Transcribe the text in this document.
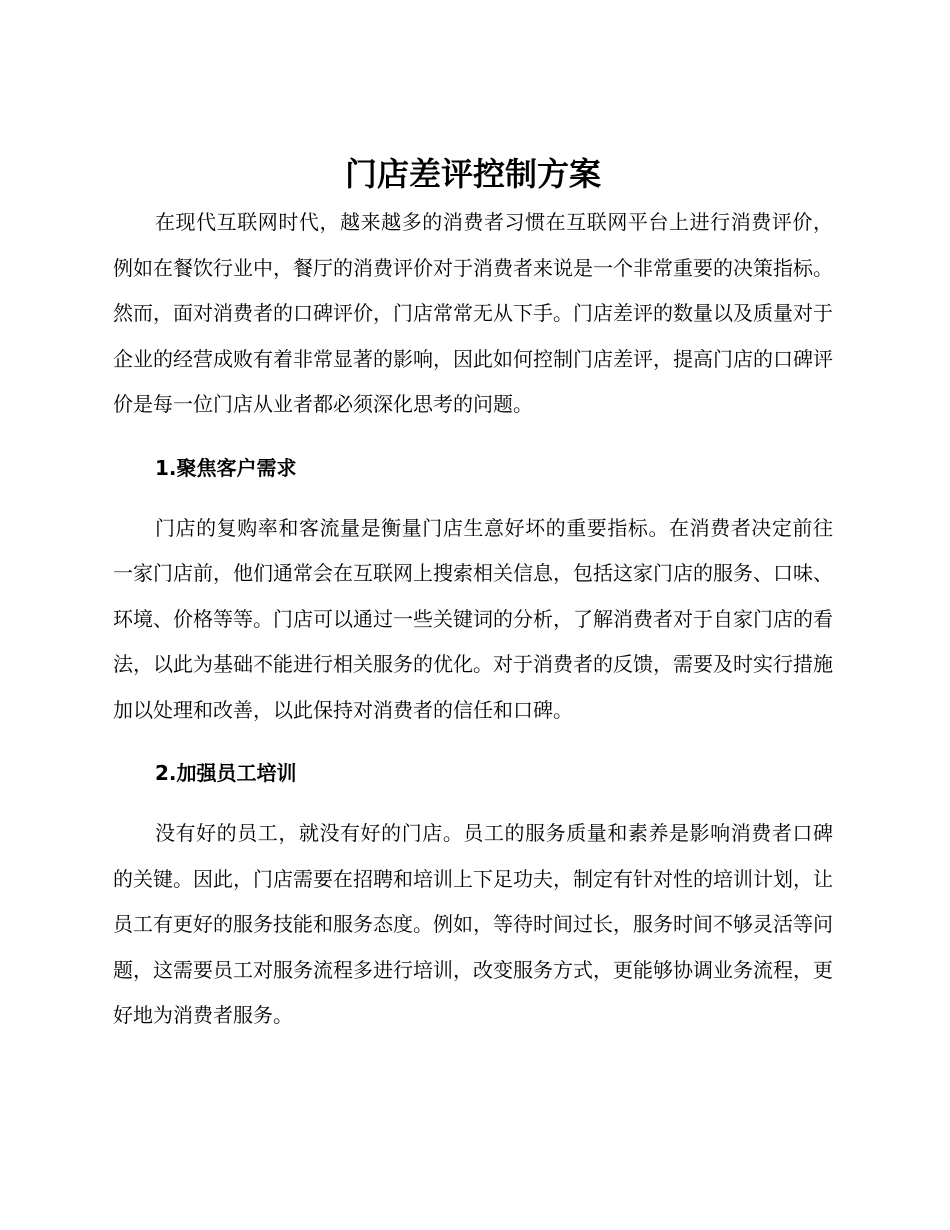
门店差评控制方案

在现代互联网时代，越来越多的消费者习惯在互联网平台上进行消费评价，例如在餐饮行业中，餐厅的消费评价对于消费者来说是一个非常重要的决策指标。然而，面对消费者的口碑评价，门店常常无从下手。门店差评的数量以及质量对于企业的经营成败有着非常显著的影响，因此如何控制门店差评，提高门店的口碑评价是每一位门店从业者都必须深化思考的问题。

1.聚焦客户需求

门店的复购率和客流量是衡量门店生意好坏的重要指标。在消费者决定前往一家门店前，他们通常会在互联网上搜索相关信息，包括这家门店的服务、口味、环境、价格等等。门店可以通过一些关键词的分析，了解消费者对于自家门店的看法，以此为基础不能进行相关服务的优化。对于消费者的反馈，需要及时实行措施加以处理和改善，以此保持对消费者的信任和口碑。

2.加强员工培训

没有好的员工，就没有好的门店。员工的服务质量和素养是影响消费者口碑的关键。因此，门店需要在招聘和培训上下足功夫，制定有针对性的培训计划，让员工有更好的服务技能和服务态度。例如，等待时间过长，服务时间不够灵活等问题，这需要员工对服务流程多进行培训，改变服务方式，更能够协调业务流程，更好地为消费者服务。
